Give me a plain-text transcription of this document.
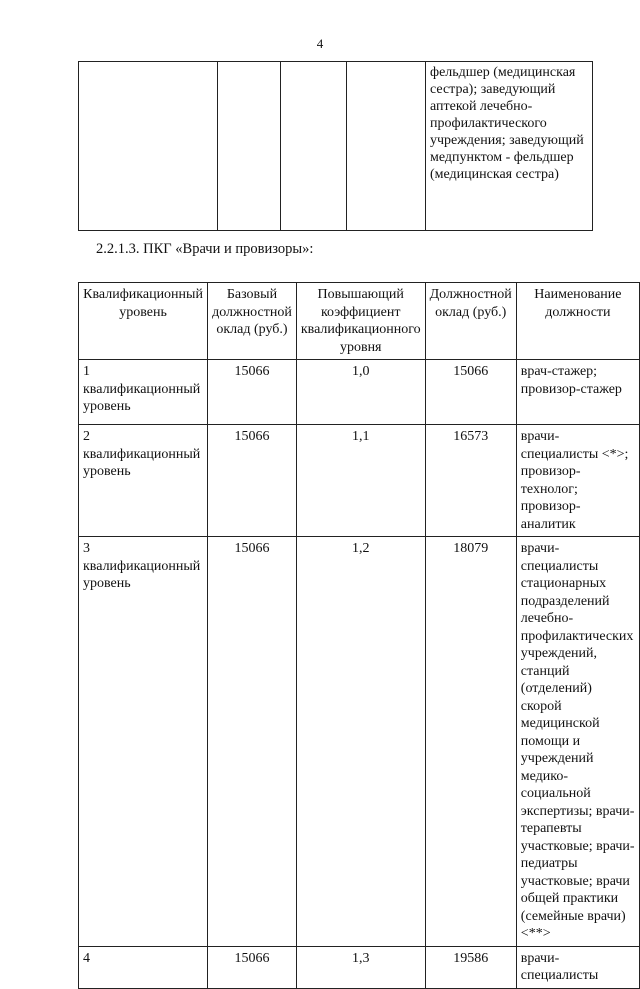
4
				фельдшер (медицинская сестра); заведующий аптекой лечебно-профилактического учреждения; заведующий медпунктом - фельдшер (медицинская сестра)
2.2.1.3. ПКГ «Врачи и провизоры»:
Квалификационный уровень	Базовый должностной оклад (руб.)	Повышающий коэффициент квалификационного уровня	Должностной оклад (руб.)	Наименование должности
1 квалификационный уровень	15066	1,0	15066	врач-стажер; провизор-стажер
2 квалификационный уровень	15066	1,1	16573	врачи-специалисты <*>; провизор-технолог; провизор-аналитик
3 квалификационный уровень	15066	1,2	18079	врачи-специалисты стационарных подразделений лечебно-профилактических учреждений, станций (отделений) скорой медицинской помощи и учреждений медико-социальной экспертизы; врачи-терапевты участковые; врачи-педиатры участковые; врачи общей практики (семейные врачи) <**>
4	15066	1,3	19586	врачи-специалисты
